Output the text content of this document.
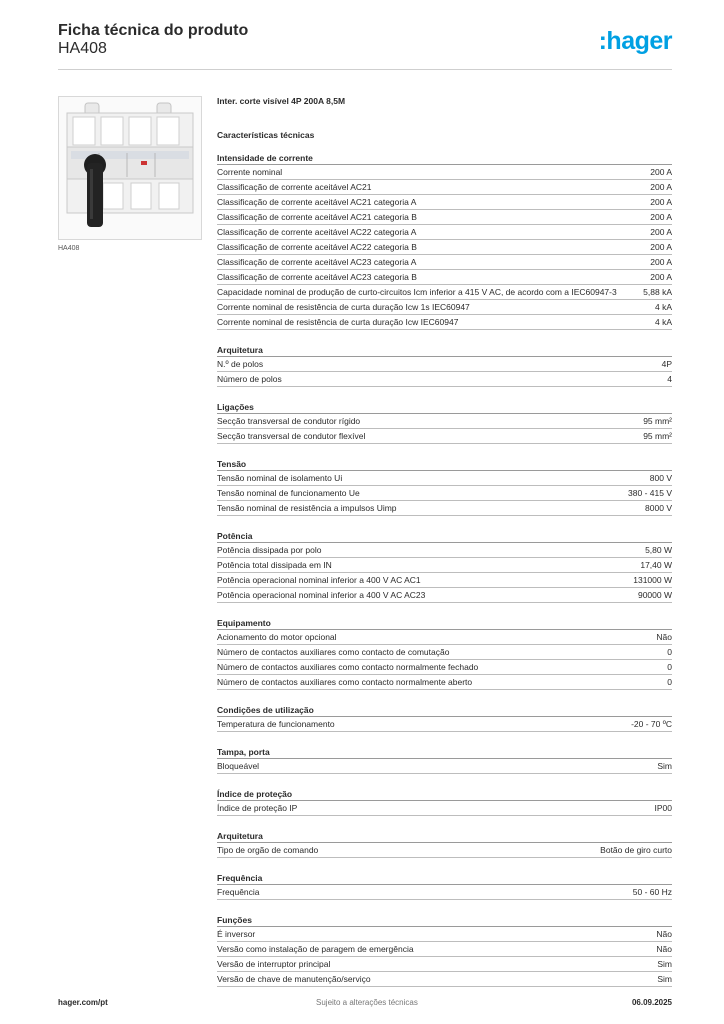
Ficha técnica do produto
HA408	:hager
HA408
Inter. corte visível 4P 200A 8,5M
Características técnicas
Intensidade de corrente
Corrente nominal	200 A
Classificação de corrente aceitável AC21	200 A
Classificação de corrente aceitável AC21 categoria A	200 A
Classificação de corrente aceitável AC21 categoria B	200 A
Classificação de corrente aceitável AC22 categoria A	200 A
Classificação de corrente aceitável AC22 categoria B	200 A
Classificação de corrente aceitável AC23 categoria A	200 A
Classificação de corrente aceitável AC23 categoria B	200 A
Capacidade nominal de produção de curto-circuitos Icm inferior a 415 V AC, de acordo com a IEC60947-3	5,88 kA
Corrente nominal de resistência de curta duração Icw 1s IEC60947	4 kA
Corrente nominal de resistência de curta duração Icw IEC60947	4 kA
Arquitetura
N.º de polos	4P
Número de polos	4
Ligações
Secção transversal de condutor rígido	95 mm²
Secção transversal de condutor flexível	95 mm²
Tensão
Tensão nominal de isolamento Ui	800 V
Tensão nominal de funcionamento Ue	380 - 415 V
Tensão nominal de resistência a impulsos Uimp	8000 V
Potência
Potência dissipada por polo	5,80 W
Potência total dissipada em IN	17,40 W
Potência operacional nominal inferior a 400 V AC AC1	131000 W
Potência operacional nominal inferior a 400 V AC AC23	90000 W
Equipamento
Acionamento do motor opcional	Não
Número de contactos auxiliares como contacto de comutação	0
Número de contactos auxiliares como contacto normalmente fechado	0
Número de contactos auxiliares como contacto normalmente aberto	0
Condições de utilização
Temperatura de funcionamento	-20 - 70 ºC
Tampa, porta
Bloqueável	Sim
Índice de proteção
Índice de proteção IP	IP00
Arquitetura
Tipo de orgão de comando	Botão de giro curto
Frequência
Frequência	50 - 60 Hz
Funções
É inversor	Não
Versão como instalação de paragem de emergência	Não
Versão de interruptor principal	Sim
Versão de chave de manutenção/serviço	Sim
hager.com/pt	Sujeito a alterações técnicas	06.09.2025
